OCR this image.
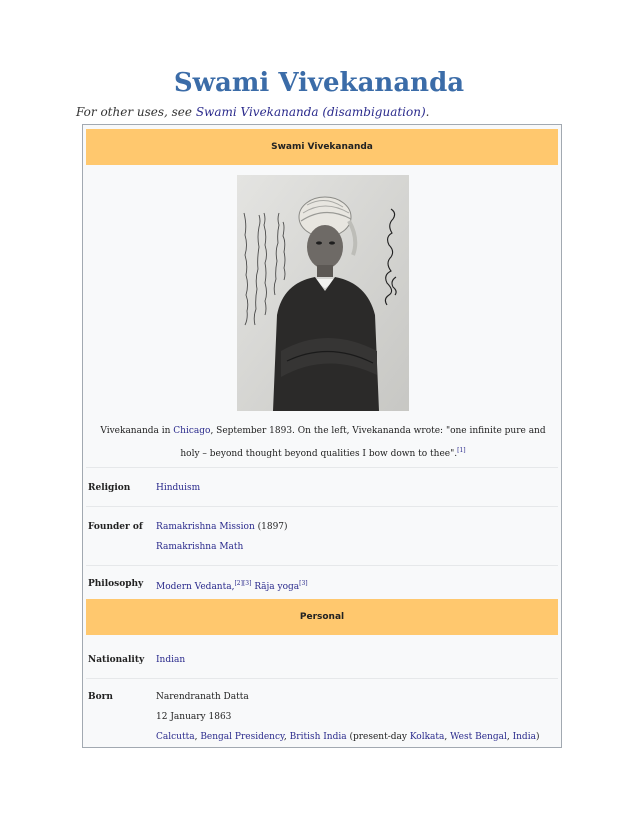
Swami Vivekananda
For other uses, see Swami Vivekananda (disambiguation).
Swami Vivekananda
Vivekananda in Chicago, September 1893. On the left, Vivekananda wrote: "one infinite pure and holy – beyond thought beyond qualities I bow down to thee".[1]
Religion	Hinduism
Founder of Ramakrishna Mission (1897)
Ramakrishna Math
Philosophy Modern Vedanta,[2][3] Rāja yoga[3]
Personal
Nationality Indian
Born	Narendranath Datta
12 January 1863
Calcutta, Bengal Presidency, British India (present-day Kolkata, West Bengal, India)
